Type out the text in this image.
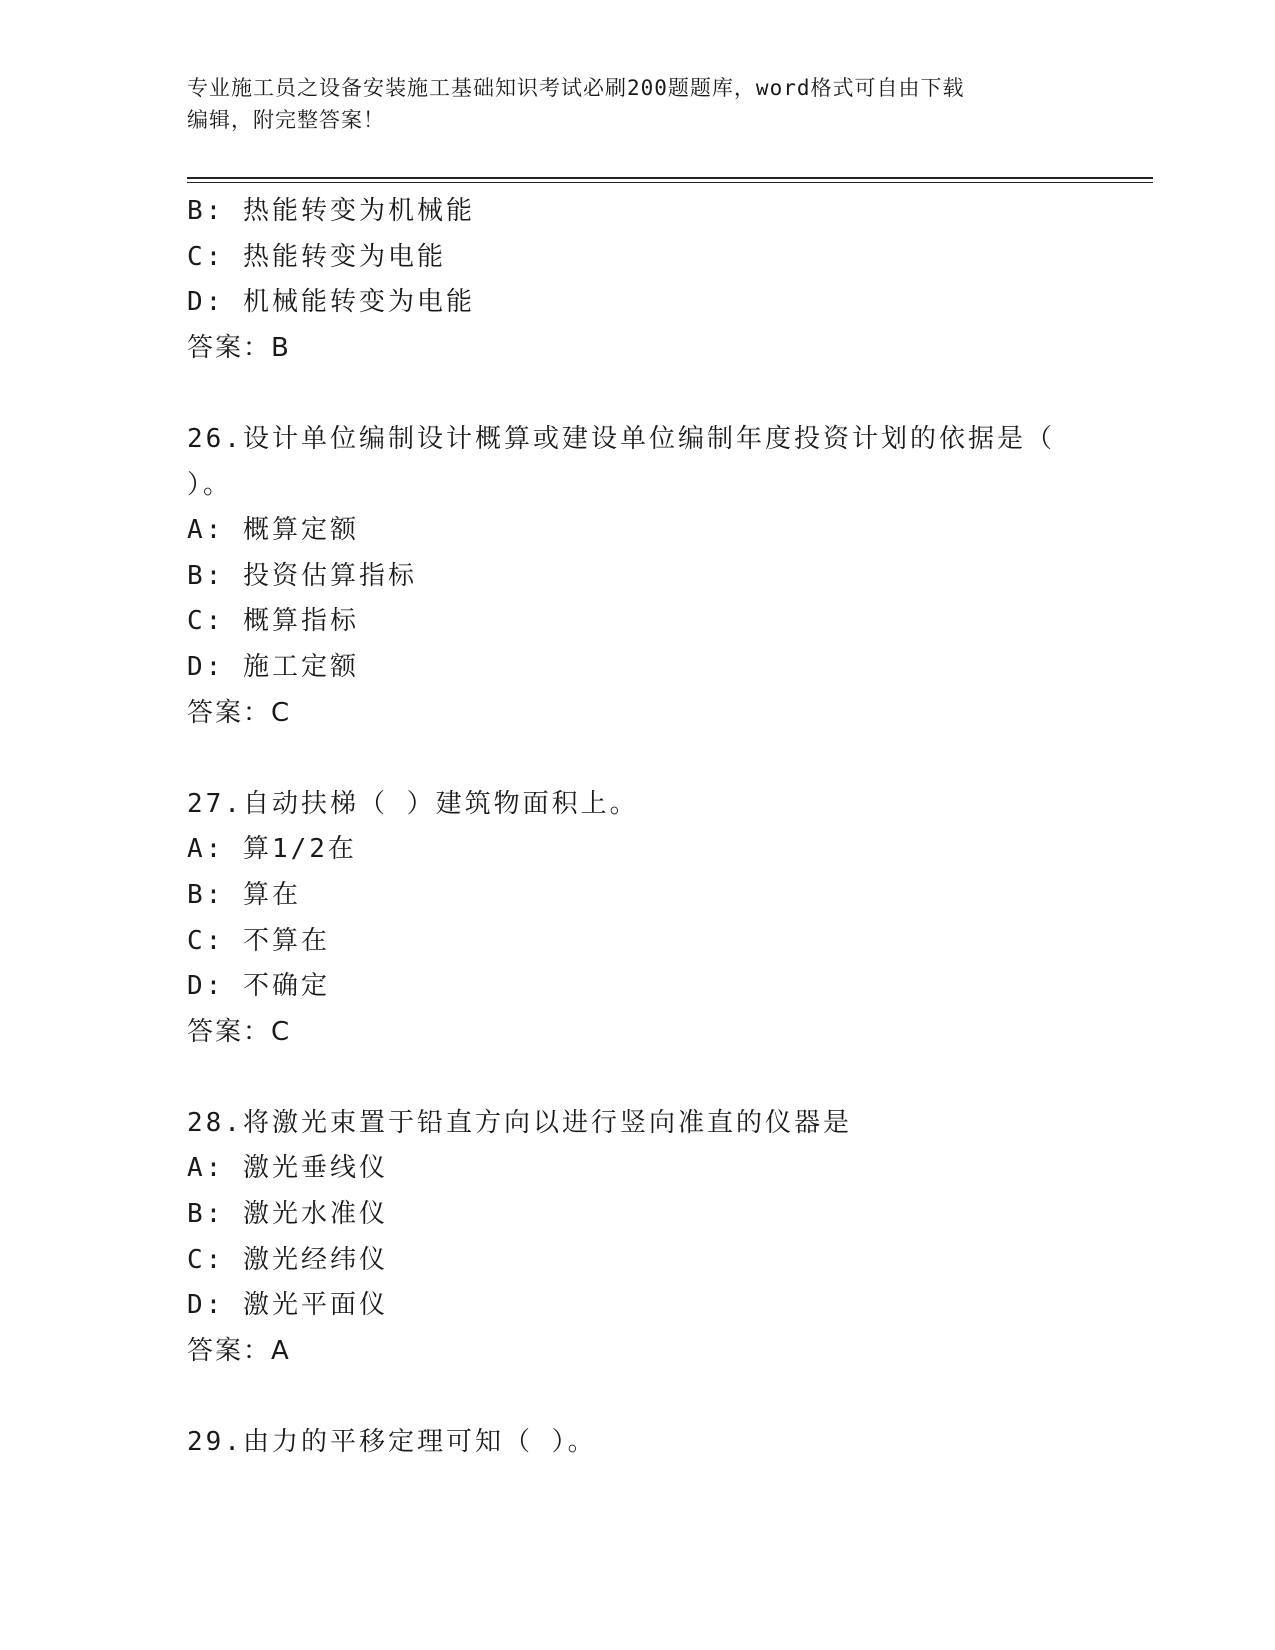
专业施工员之设备安装施工基础知识考试必刷200题题库，word格式可自由下载
编辑，附完整答案！
B: 热能转变为机械能
C: 热能转变为电能
D: 机械能转变为电能
答案：B
26.设计单位编制设计概算或建设单位编制年度投资计划的依据是（
）。
A: 概算定额
B: 投资估算指标
C: 概算指标
D: 施工定额
答案：C
27.自动扶梯（ ）建筑物面积上。
A: 算1/2在
B: 算在
C: 不算在
D: 不确定
答案：C
28.将激光束置于铅直方向以进行竖向准直的仪器是
A: 激光垂线仪
B: 激光水准仪
C: 激光经纬仪
D: 激光平面仪
答案：A
29.由力的平移定理可知（ ）。
